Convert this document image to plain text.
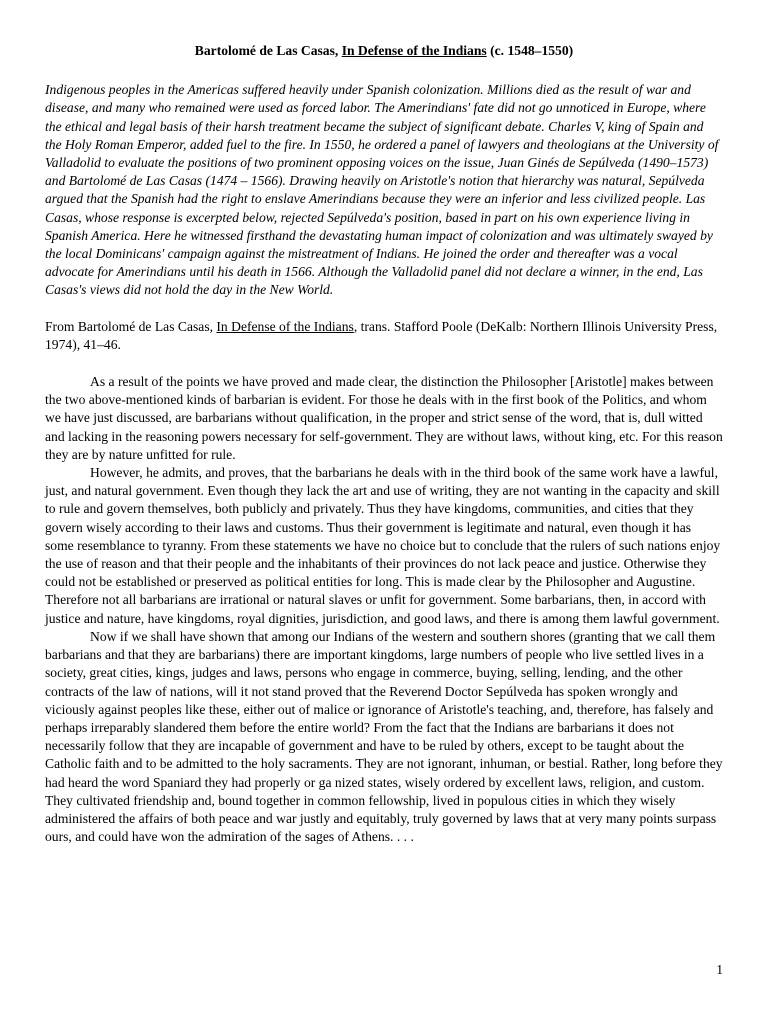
Bartolomé de Las Casas, In Defense of the Indians (c. 1548–1550)

Indigenous peoples in the Americas suffered heavily under Spanish colonization. Millions died as the result of war and disease, and many who remained were used as forced labor. The Amerindians' fate did not go unnoticed in Europe, where the ethical and legal basis of their harsh treatment became the subject of significant debate. Charles V, king of Spain and the Holy Roman Emperor, added fuel to the fire. In 1550, he ordered a panel of lawyers and theologians at the University of Valladolid to evaluate the positions of two prominent opposing voices on the issue, Juan Ginés de Sepúlveda (1490–1573) and Bartolomé de Las Casas (1474 – 1566). Drawing heavily on Aristotle's notion that hierarchy was natural, Sepúlveda argued that the Spanish had the right to enslave Amerindians because they were an inferior and less civilized people. Las Casas, whose response is excerpted below, rejected Sepúlveda's position, based in part on his own experience living in Spanish America. Here he witnessed firsthand the devastating human impact of colonization and was ultimately swayed by the local Dominicans' campaign against the mistreatment of Indians. He joined the order and thereafter was a vocal advocate for Amerindians until his death in 1566. Although the Valladolid panel did not declare a winner, in the end, Las Casas's views did not hold the day in the New World.

From Bartolomé de Las Casas, In Defense of the Indians, trans. Stafford Poole (DeKalb: Northern Illinois University Press, 1974), 41–46.

As a result of the points we have proved and made clear, the distinction the Philosopher [Aristotle] makes between the two above-mentioned kinds of barbarian is evident. For those he deals with in the first book of the Politics, and whom we have just discussed, are barbarians without qualification, in the proper and strict sense of the word, that is, dull witted and lacking in the reasoning powers necessary for self-government. They are without laws, without king, etc. For this reason they are by nature unfitted for rule.

However, he admits, and proves, that the barbarians he deals with in the third book of the same work have a lawful, just, and natural government. Even though they lack the art and use of writing, they are not wanting in the capacity and skill to rule and govern themselves, both publicly and privately. Thus they have kingdoms, communities, and cities that they govern wisely according to their laws and customs. Thus their government is legitimate and natural, even though it has some resemblance to tyranny. From these statements we have no choice but to conclude that the rulers of such nations enjoy the use of reason and that their people and the inhabitants of their provinces do not lack peace and justice. Otherwise they could not be established or preserved as political entities for long. This is made clear by the Philosopher and Augustine. Therefore not all barbarians are irrational or natural slaves or unfit for government. Some barbarians, then, in accord with justice and nature, have kingdoms, royal dignities, jurisdiction, and good laws, and there is among them lawful government.

Now if we shall have shown that among our Indians of the western and southern shores (granting that we call them barbarians and that they are barbarians) there are important kingdoms, large numbers of people who live settled lives in a society, great cities, kings, judges and laws, persons who engage in commerce, buying, selling, lending, and the other contracts of the law of nations, will it not stand proved that the Reverend Doctor Sepúlveda has spoken wrongly and viciously against peoples like these, either out of malice or ignorance of Aristotle's teaching, and, therefore, has falsely and perhaps irreparably slandered them before the entire world? From the fact that the Indians are barbarians it does not necessarily follow that they are incapable of government and have to be ruled by others, except to be taught about the Catholic faith and to be admitted to the holy sacraments. They are not ignorant, inhuman, or bestial. Rather, long before they had heard the word Spaniard they had properly or ga nized states, wisely ordered by excellent laws, religion, and custom. They cultivated friendship and, bound together in common fellowship, lived in populous cities in which they wisely administered the affairs of both peace and war justly and equitably, truly governed by laws that at very many points surpass ours, and could have won the admiration of the sages of Athens. . . .

1
